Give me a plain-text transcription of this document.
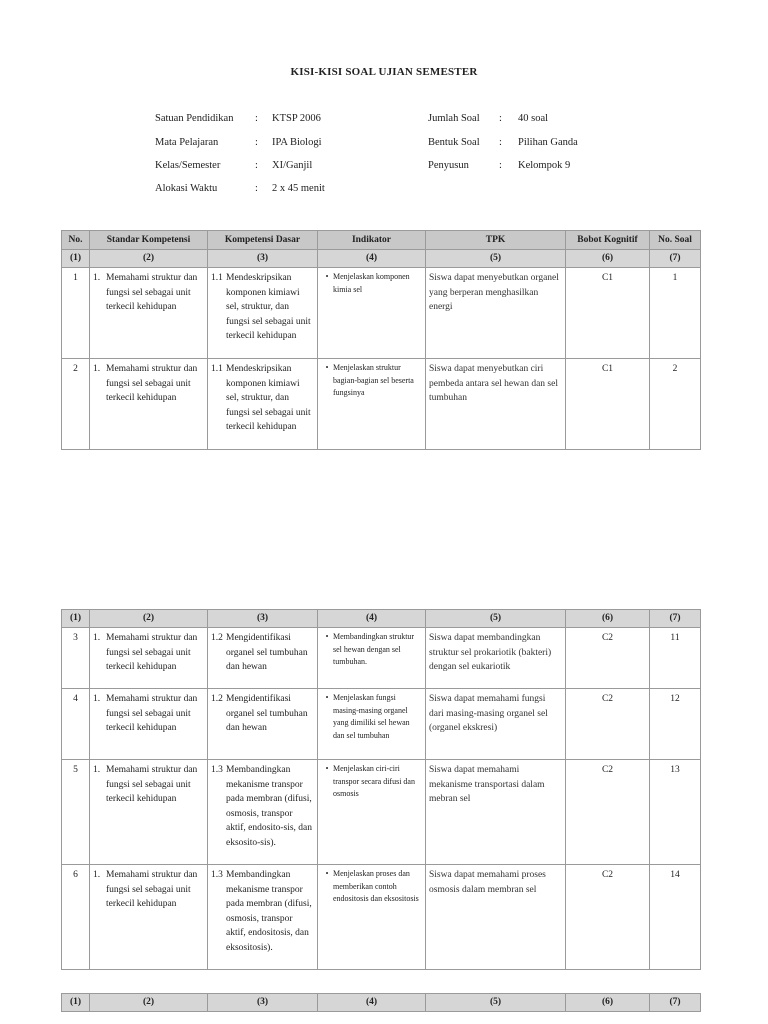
KISI-KISI SOAL UJIAN SEMESTER
Satuan Pendidikan : KTSP 2006
Mata Pelajaran	: IPA Biologi
Kelas/Semester	: XI/Ganjil
Alokasi Waktu	: 2 x 45 menit
Jumlah Soal : 40 soal
Bentuk Soal : Pilihan Ganda
Penyusun	: Kelompok 9
No.	Standar Kompetensi	Kompetensi Dasar	Indikator	TPK	Bobot Kognitif	No. Soal
(1)	(2)	(3)	(4)	(5)	(6)	(7)
1	1. Memahami struktur dan fungsi sel sebagai unit terkecil kehidupan	1.1 Mendeskripsikan komponen kimiawi sel, struktur, dan fungsi sel sebagai unit terkecil kehidupan	• Menjelaskan komponen kimia sel	Siswa dapat menyebutkan organel yang berperan menghasilkan energi	C1	1
2	1. Memahami struktur dan fungsi sel sebagai unit terkecil kehidupan	1.1 Mendeskripsikan komponen kimiawi sel, struktur, dan fungsi sel sebagai unit terkecil kehidupan	• Menjelaskan struktur bagian-bagian sel beserta fungsinya	Siswa dapat menyebutkan ciri pembeda antara sel hewan dan sel tumbuhan	C1	2
(1)	(2)	(3)	(4)	(5)	(6)	(7)
3	1. Memahami struktur dan fungsi sel sebagai unit terkecil kehidupan	1.2 Mengidentifikasi organel sel tumbuhan dan hewan	• Membandingkan struktur sel hewan dengan sel tumbuhan.	Siswa dapat membandingkan struktur sel prokariotik (bakteri) dengan sel eukariotik	C2	11
4	1. Memahami struktur dan fungsi sel sebagai unit terkecil kehidupan	1.2 Mengidentifikasi organel sel tumbuhan dan hewan	• Menjelaskan fungsi masing-masing organel yang dimiliki sel hewan dan sel tumbuhan	Siswa dapat memahami fungsi dari masing-masing organel sel (organel ekskresi)	C2	12
5	1. Memahami struktur dan fungsi sel sebagai unit terkecil kehidupan	1.3 Membandingkan mekanisme transpor pada membran (difusi, osmosis, transpor aktif, endosito-sis, dan eksosito-sis).	• Menjelaskan ciri-ciri transpor secara difusi dan osmosis	Siswa dapat memahami mekanisme transportasi dalam mebran sel	C2	13
6	1. Memahami struktur dan fungsi sel sebagai unit terkecil kehidupan	1.3 Membandingkan mekanisme transpor pada membran (difusi, osmosis, transpor aktif, endositosis, dan eksositosis).	• Menjelaskan proses dan memberikan contoh endositosis dan eksositosis	Siswa dapat memahami proses osmosis dalam membran sel	C2	14
(1)	(2)	(3)	(4)	(5)	(6)	(7)
